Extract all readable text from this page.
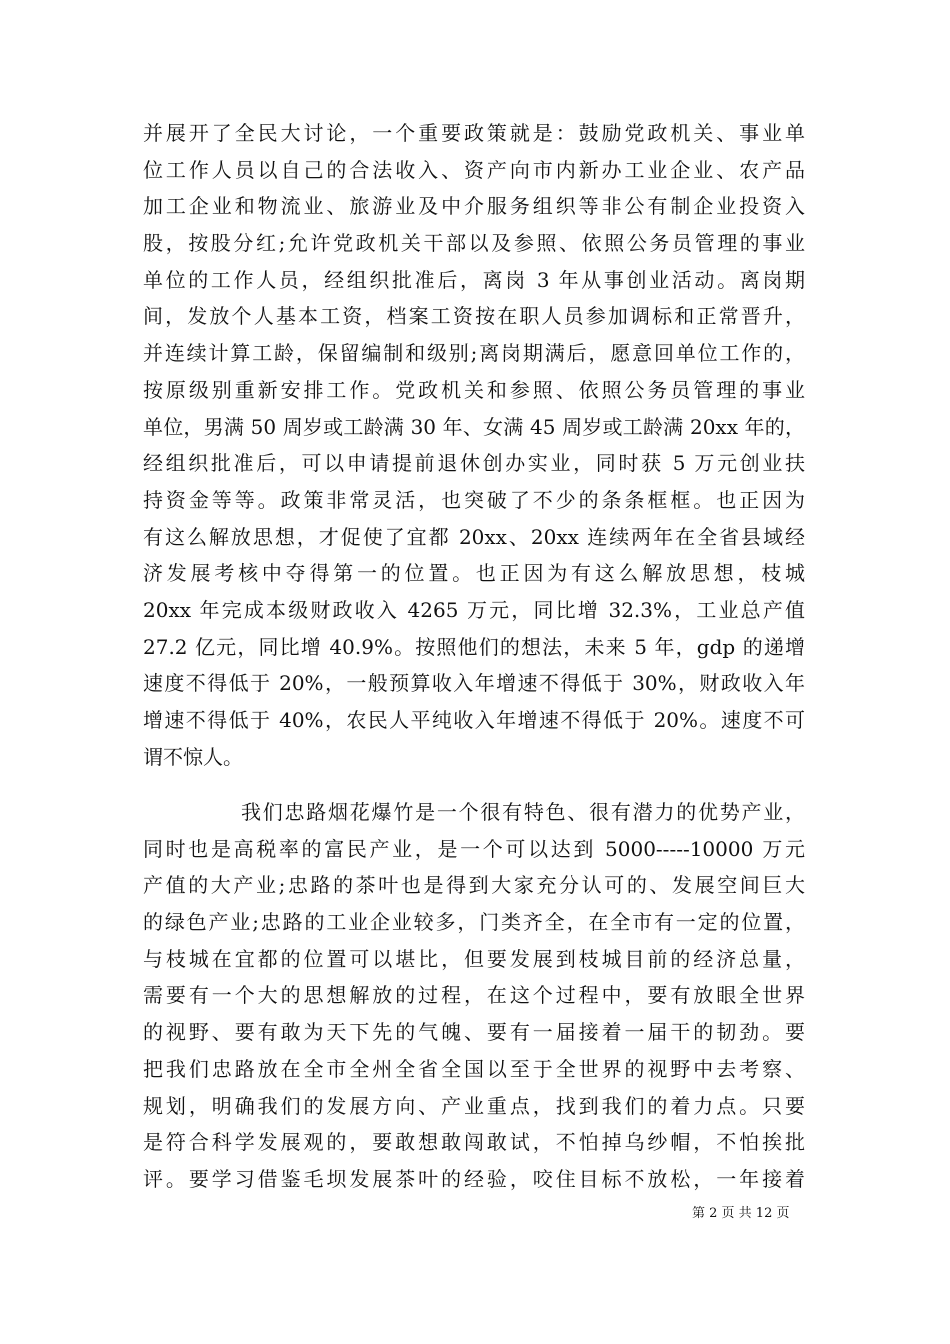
并展开了全民大讨论，一个重要政策就是：鼓励党政机关、事业单
位工作人员以自己的合法收入、资产向市内新办工业企业、农产品
加工企业和物流业、旅游业及中介服务组织等非公有制企业投资入
股，按股分红;允许党政机关干部以及参照、依照公务员管理的事业
单位的工作人员，经组织批准后，离岗 3 年从事创业活动。离岗期
间，发放个人基本工资，档案工资按在职人员参加调标和正常晋升，
并连续计算工龄，保留编制和级别;离岗期满后，愿意回单位工作的，
按原级别重新安排工作。党政机关和参照、依照公务员管理的事业
单位，男满 50 周岁或工龄满 30 年、女满 45 周岁或工龄满 20xx 年的，
经组织批准后，可以申请提前退休创办实业，同时获 5 万元创业扶
持资金等等。政策非常灵活，也突破了不少的条条框框。也正因为
有这么解放思想，才促使了宜都 20xx、20xx 连续两年在全省县域经
济发展考核中夺得第一的位置。也正因为有这么解放思想，枝城
20xx 年完成本级财政收入 4265 万元，同比增 32.3%，工业总产值
27.2 亿元，同比增 40.9%。按照他们的想法，未来 5 年，gdp 的递增
速度不得低于 20%，一般预算收入年增速不得低于 30%，财政收入年
增速不得低于 40%，农民人平纯收入年增速不得低于 20%。速度不可
谓不惊人。
我们忠路烟花爆竹是一个很有特色、很有潜力的优势产业，
同时也是高税率的富民产业，是一个可以达到 5000-----10000 万元
产值的大产业;忠路的茶叶也是得到大家充分认可的、发展空间巨大
的绿色产业;忠路的工业企业较多，门类齐全，在全市有一定的位置，
与枝城在宜都的位置可以堪比，但要发展到枝城目前的经济总量，
需要有一个大的思想解放的过程，在这个过程中，要有放眼全世界
的视野、要有敢为天下先的气魄、要有一届接着一届干的韧劲。要
把我们忠路放在全市全州全省全国以至于全世界的视野中去考察、
规划，明确我们的发展方向、产业重点，找到我们的着力点。只要
是符合科学发展观的，要敢想敢闯敢试，不怕掉乌纱帽，不怕挨批
评。要学习借鉴毛坝发展茶叶的经验，咬住目标不放松，一年接着
第 2 页 共 12 页
